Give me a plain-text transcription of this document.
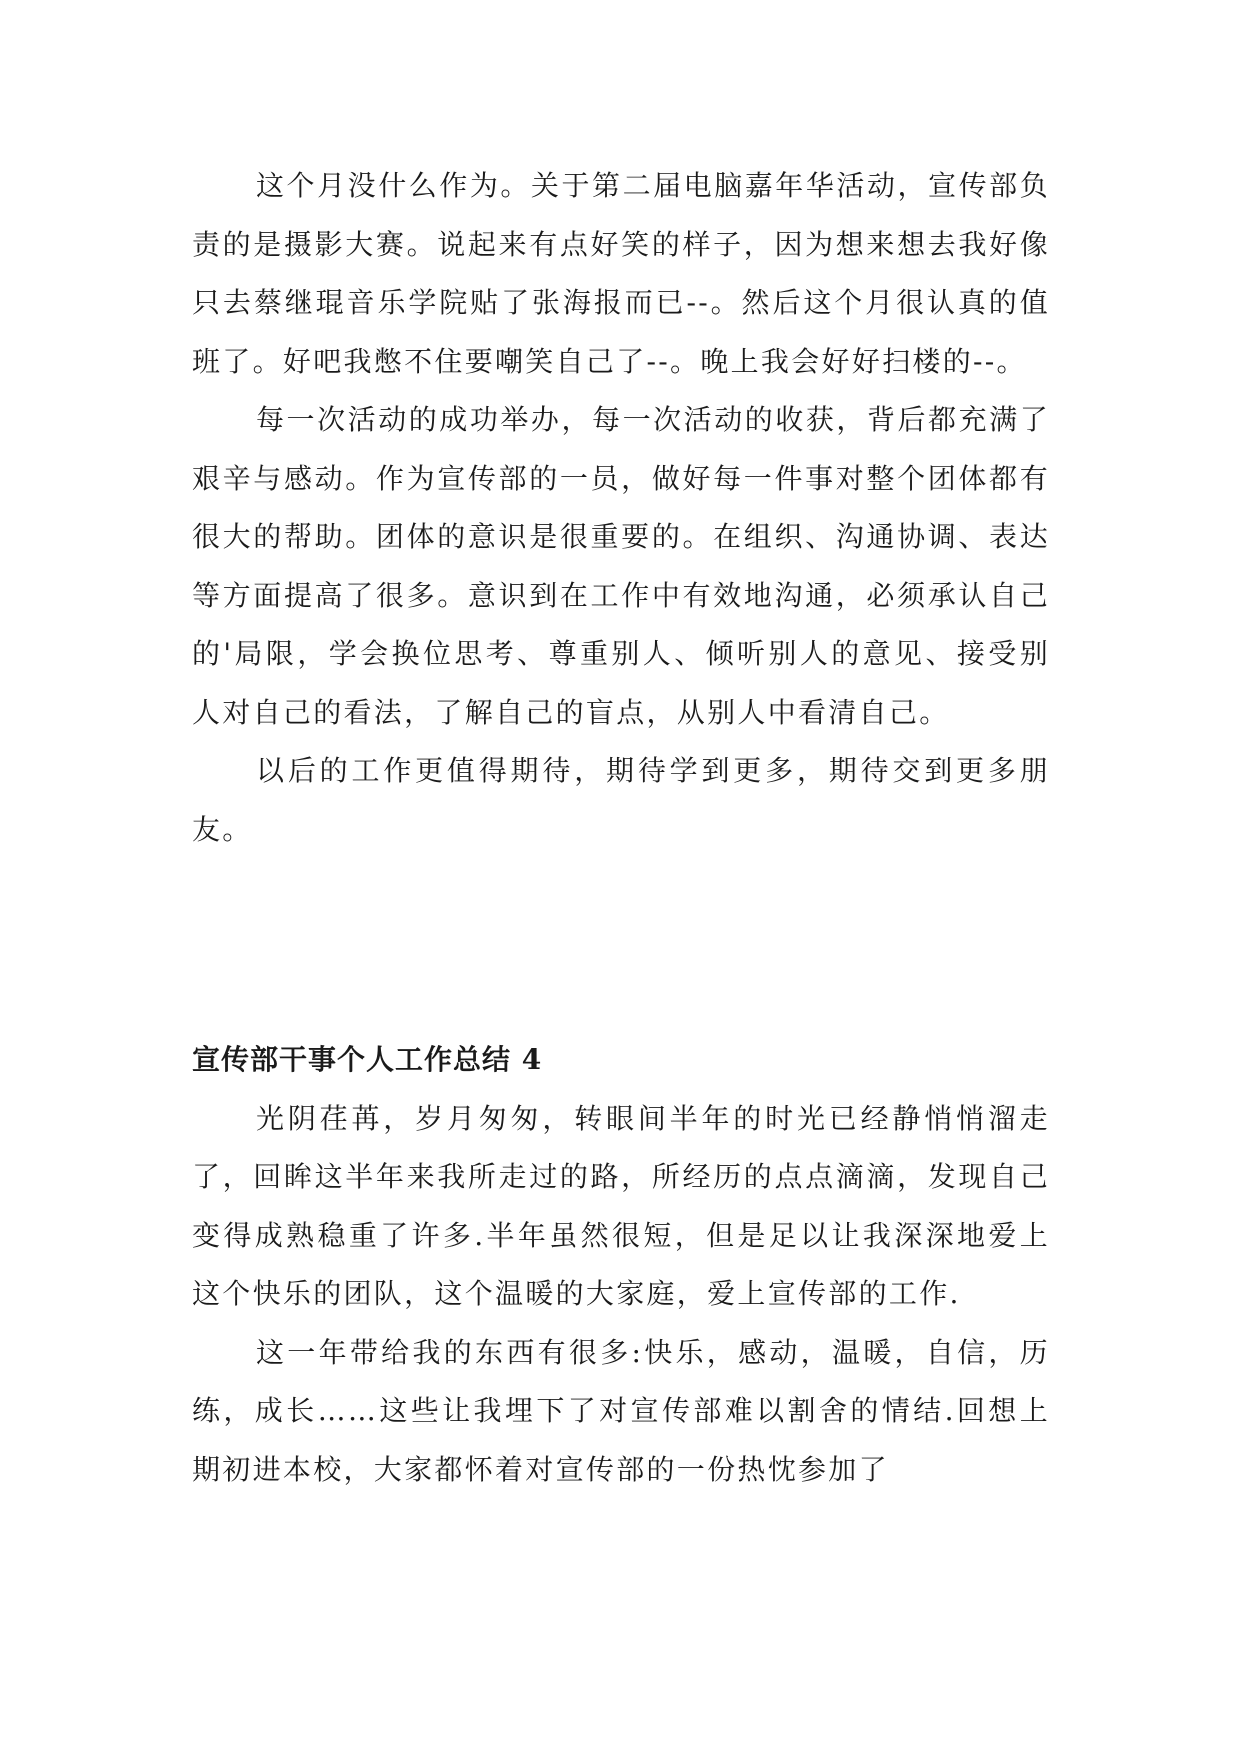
这个月没什么作为。关于第二届电脑嘉年华活动，宣传部负责的是摄影大赛。说起来有点好笑的样子，因为想来想去我好像只去蔡继琨音乐学院贴了张海报而已--。然后这个月很认真的值班了。好吧我憋不住要嘲笑自己了--。晚上我会好好扫楼的--。

每一次活动的成功举办，每一次活动的收获，背后都充满了艰辛与感动。作为宣传部的一员，做好每一件事对整个团体都有很大的帮助。团体的意识是很重要的。在组织、沟通协调、表达等方面提高了很多。意识到在工作中有效地沟通，必须承认自己的'局限，学会换位思考、尊重别人、倾听别人的意见、接受别人对自己的看法，了解自己的盲点，从别人中看清自己。

以后的工作更值得期待，期待学到更多，期待交到更多朋友。

宣传部干事个人工作总结 4

光阴荏苒，岁月匆匆，转眼间半年的时光已经静悄悄溜走了，回眸这半年来我所走过的路，所经历的点点滴滴，发现自己变得成熟稳重了许多.半年虽然很短，但是足以让我深深地爱上这个快乐的团队，这个温暖的大家庭，爱上宣传部的工作.

这一年带给我的东西有很多:快乐，感动，温暖，自信，历练，成长……这些让我埋下了对宣传部难以割舍的情结.回想上期初进本校，大家都怀着对宣传部的一份热忱参加了
